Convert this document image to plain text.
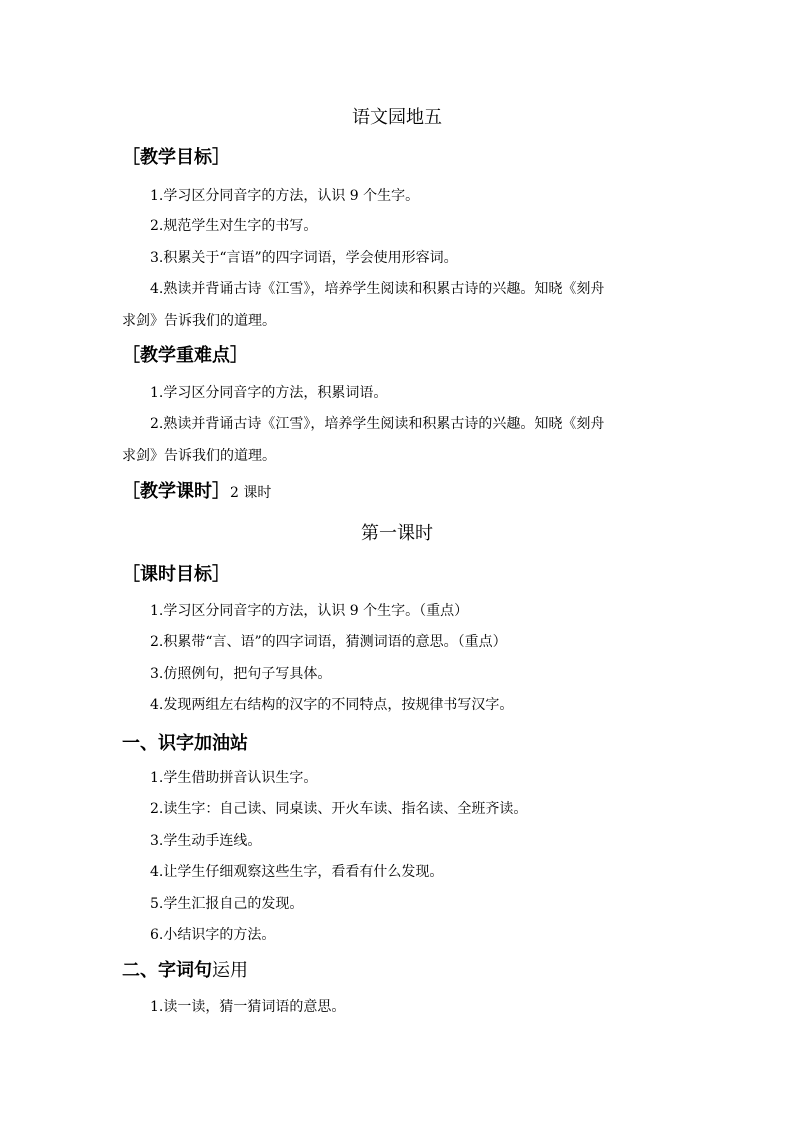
语文园地五
［教学目标］
1.学习区分同音字的方法，认识 9 个生字。
2.规范学生对生字的书写。
3.积累关于“言语”的四字词语，学会使用形容词。
4.熟读并背诵古诗《江雪》，培养学生阅读和积累古诗的兴趣。知晓《刻舟
求剑》告诉我们的道理。
［教学重难点］
1.学习区分同音字的方法，积累词语。
2.熟读并背诵古诗《江雪》，培养学生阅读和积累古诗的兴趣。知晓《刻舟
求剑》告诉我们的道理。
［教学课时］2 课时
第一课时
［课时目标］
1.学习区分同音字的方法，认识 9 个生字。（重点）
2.积累带“言、语”的四字词语，猜测词语的意思。（重点）
3.仿照例句，把句子写具体。
4.发现两组左右结构的汉字的不同特点，按规律书写汉字。
一、识字加油站
1.学生借助拼音认识生字。
2.读生字：自己读、同桌读、开火车读、指名读、全班齐读。
3.学生动手连线。
4.让学生仔细观察这些生字，看看有什么发现。
5.学生汇报自己的发现。
6.小结识字的方法。
二、字词句运用
1.读一读，猜一猜词语的意思。
